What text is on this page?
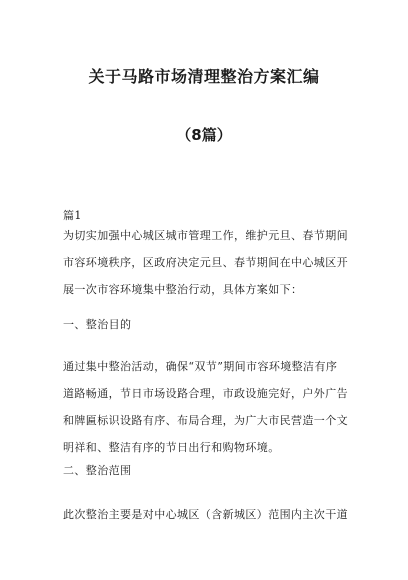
关于马路市场清理整治方案汇编
（8篇）
篇1
为切实加强中心城区城市管理工作，维护元旦、春节期间
市容环境秩序，区政府决定元旦、春节期间在中心城区开
展一次市容环境集中整治行动，具体方案如下：
一、整治目的
通过集中整治活动，确保“双节”期间市容环境整洁有序
道路畅通，节日市场设路合理，市政设施完好，户外广告
和牌匾标识设路有序、布局合理，为广大市民营造一个文
明祥和、整洁有序的节日出行和购物环境。
二、整治范围
此次整治主要是对中心城区（含新城区）范围内主次干道
